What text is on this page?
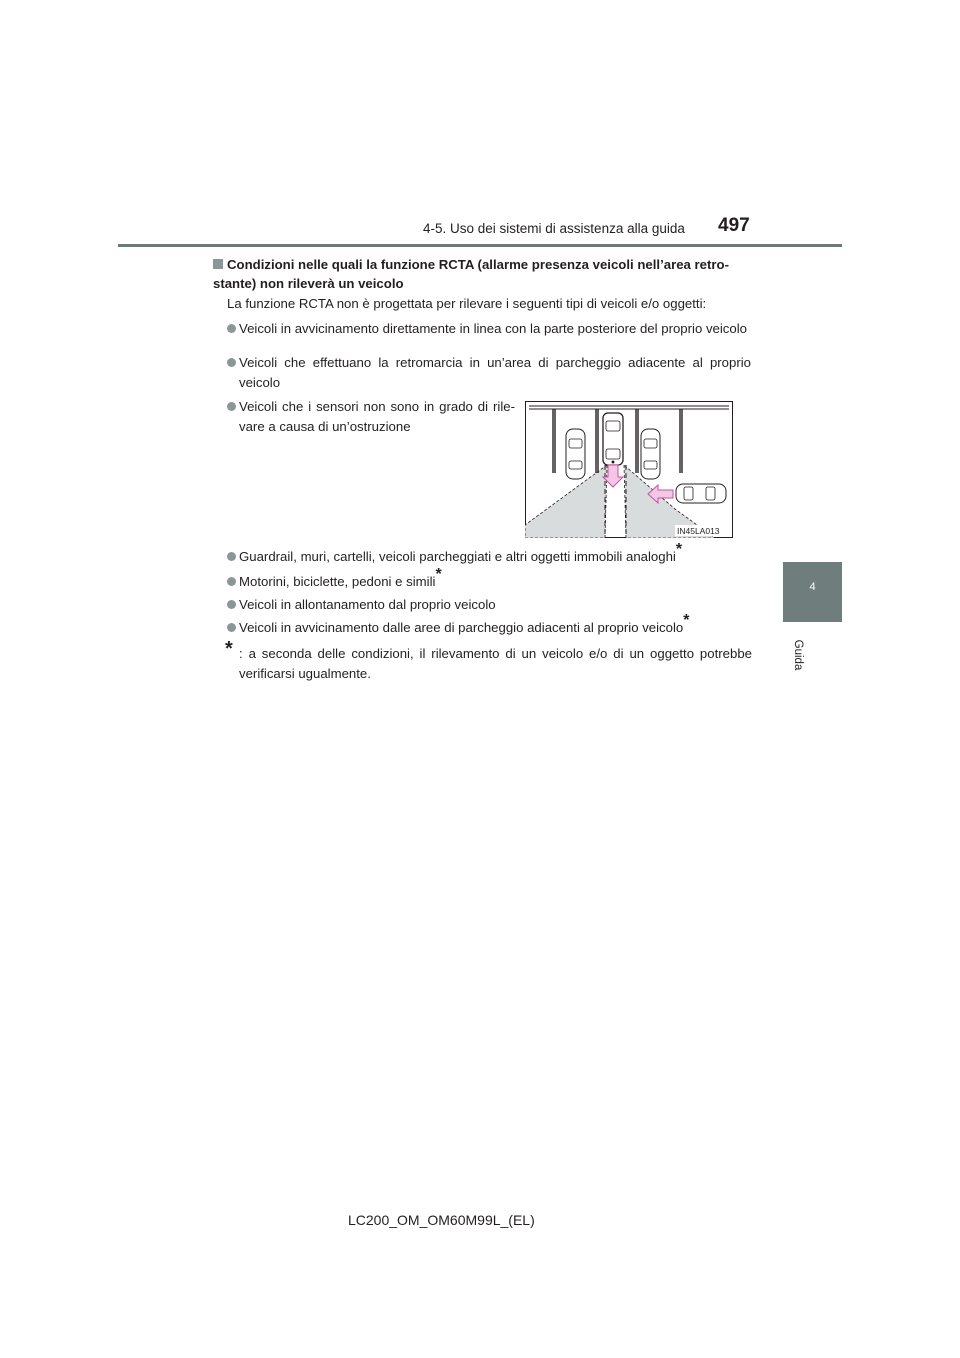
4-5. Uso dei sistemi di assistenza alla guida 497
4
Guida
Condizioni nelle quali la funzione RCTA (allarme presenza veicoli nell’area retrostante) non rileverà un veicolo
La funzione RCTA non è progettata per rilevare i seguenti tipi di veicoli e/o oggetti:
Veicoli in avvicinamento direttamente in linea con la parte posteriore del proprio veicolo
Veicoli che effettuano la retromarcia in un’area di parcheggio adiacente al proprio veicolo
Veicoli che i sensori non sono in grado di rilevare a causa di un’ostruzione
IN45LA013
Guardrail, muri, cartelli, veicoli parcheggiati e altri oggetti immobili analoghi*
Motorini, biciclette, pedoni e simili*
Veicoli in allontanamento dal proprio veicolo
Veicoli in avvicinamento dalle aree di parcheggio adiacenti al proprio veicolo*
* : a seconda delle condizioni, il rilevamento di un veicolo e/o di un oggetto potrebbe verificarsi ugualmente.
LC200_OM_OM60M99L_(EL)
